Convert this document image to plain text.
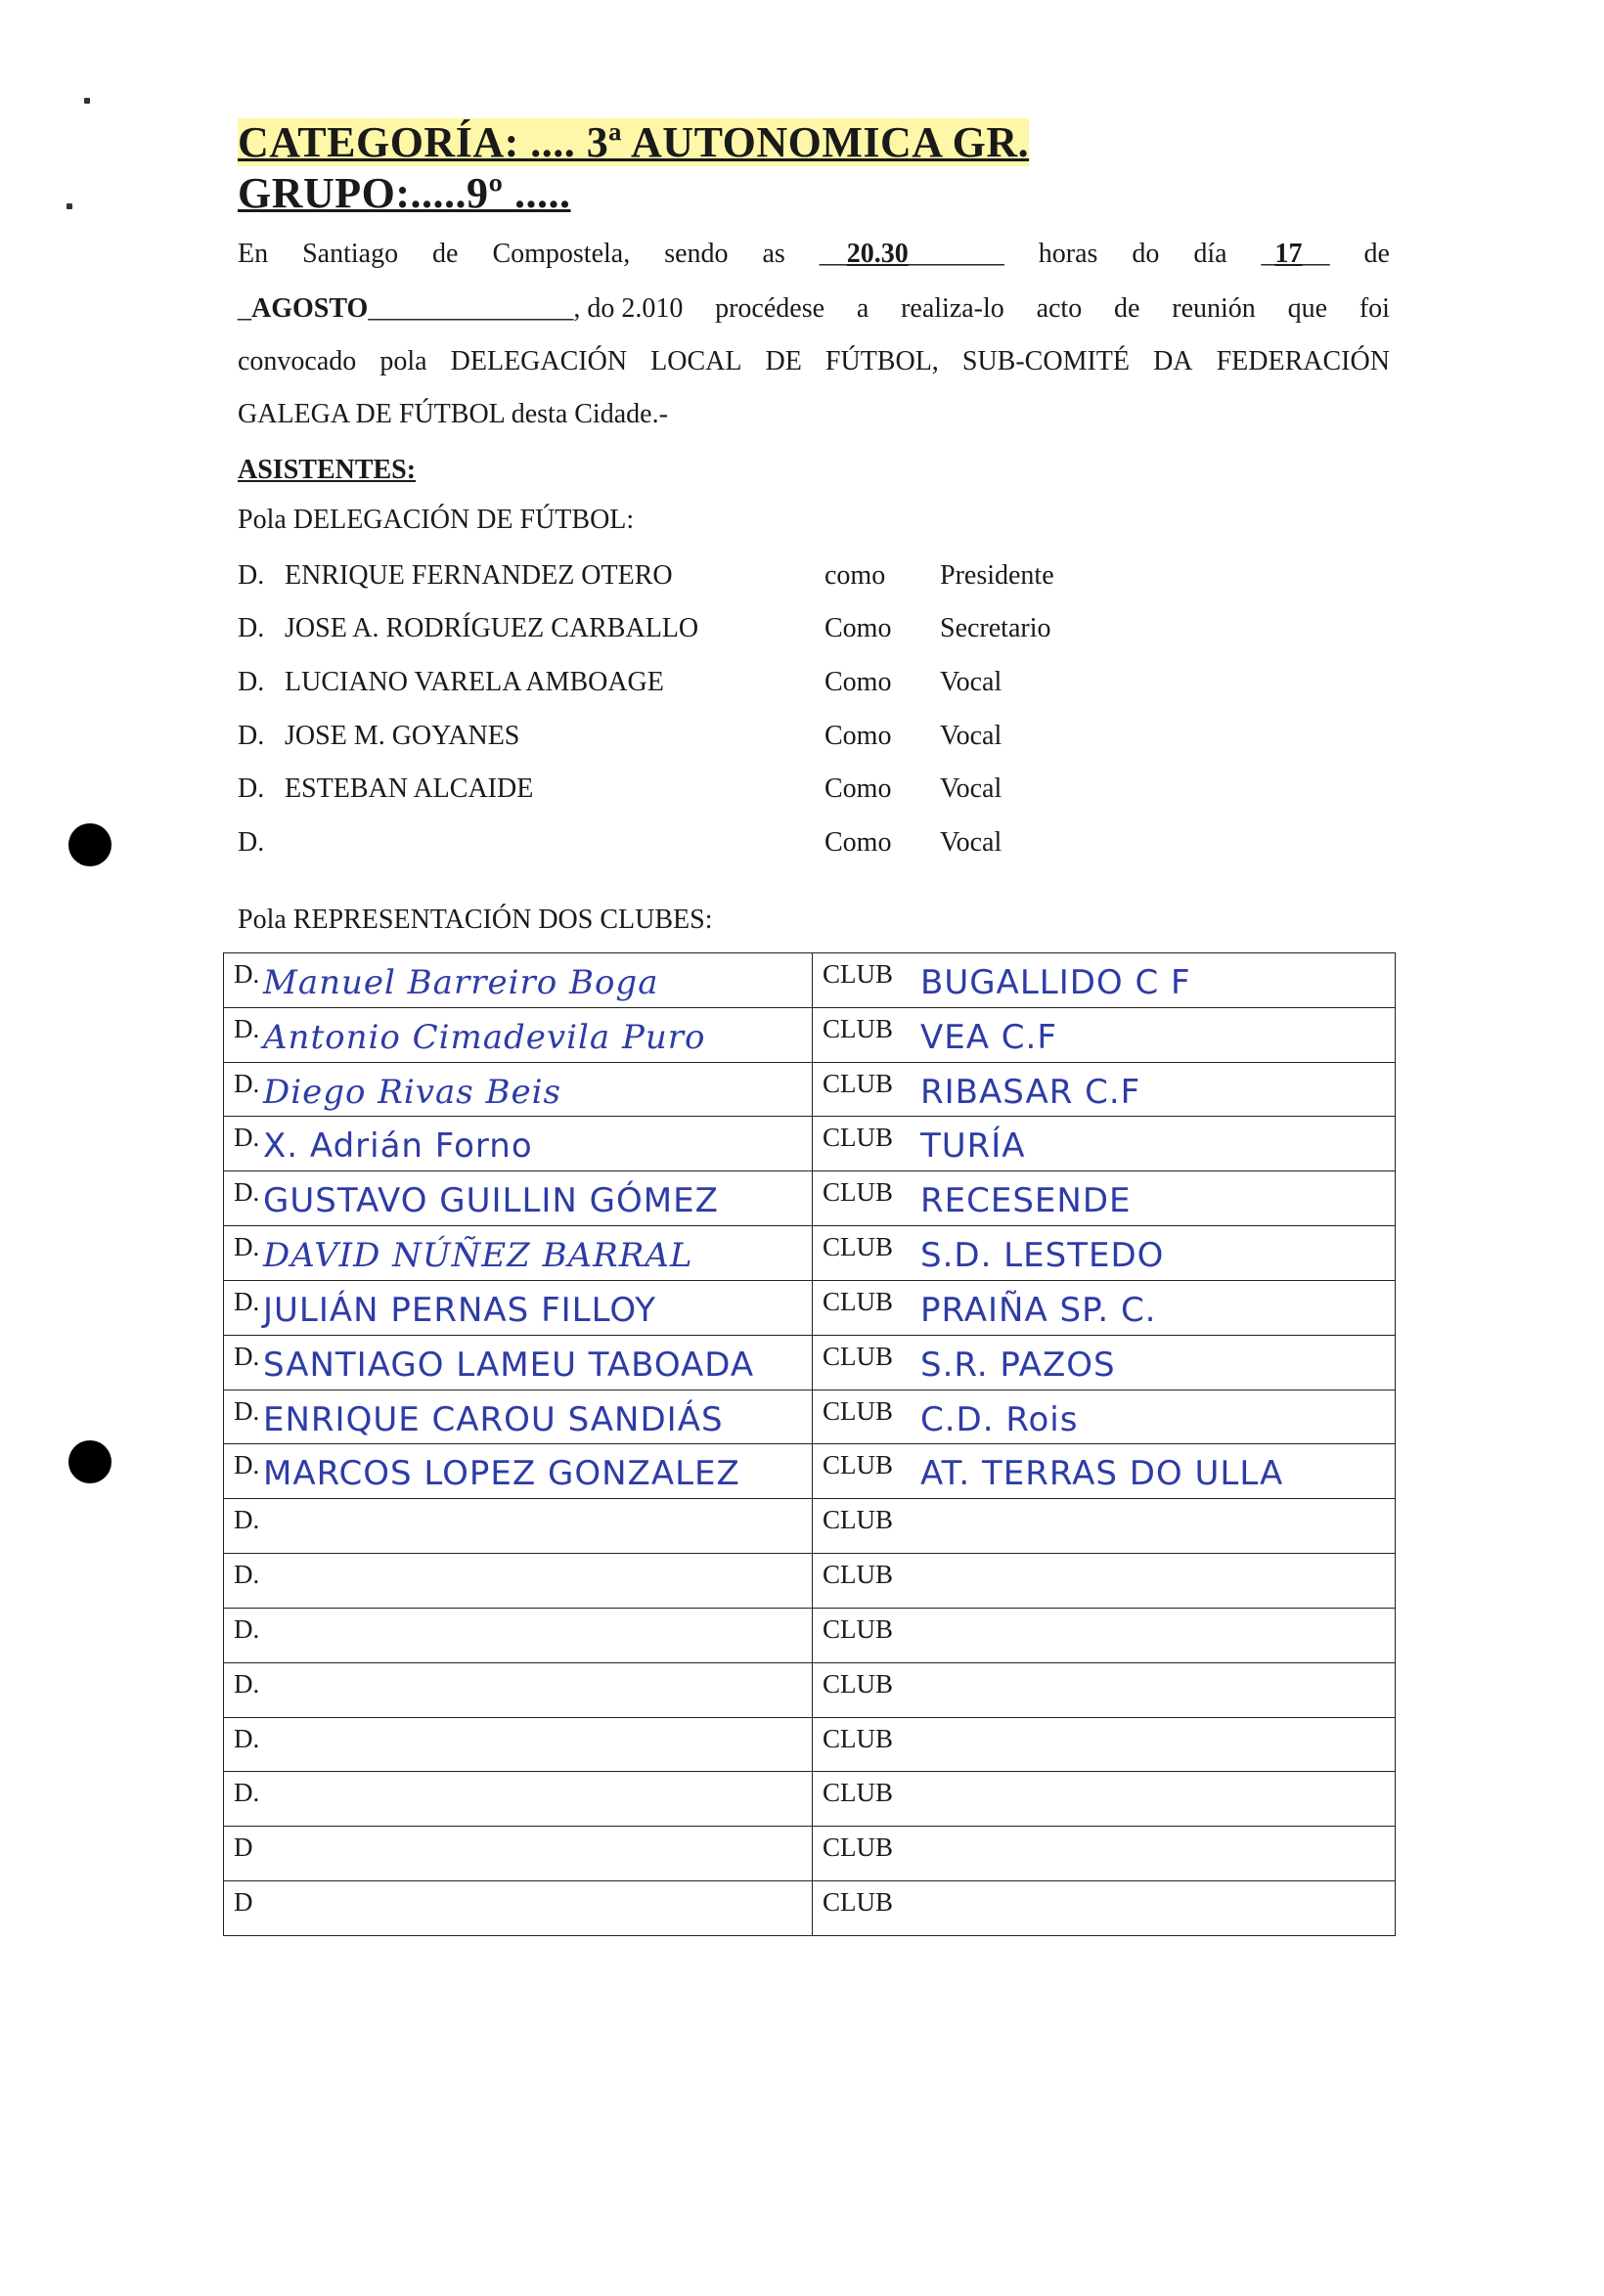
CATEGORÍA: .... 3ª AUTONOMICA GR.
GRUPO:.....9º .....
En Santiago de Compostela, sendo as __20.30_______ horas do día _17__ de
_AGOSTO_______________, do 2.010 procédese a realiza-lo acto de reunión que foi
convocado pola DELEGACIÓN LOCAL DE FÚTBOL, SUB-COMITÉ DA FEDERACIÓN
GALEGA DE FÚTBOL desta Cidade.-
ASISTENTES:
Pola DELEGACIÓN DE FÚTBOL:
D. ENRIQUE FERNANDEZ OTERO	como Presidente
D. JOSE A. RODRÍGUEZ CARBALLO	Como Secretario
D. LUCIANO VARELA AMBOAGE	Como Vocal
D. JOSE M. GOYANES	Como Vocal
D. ESTEBAN ALCAIDE	Como Vocal
D.	Como Vocal
Pola REPRESENTACIÓN DOS CLUBES:
D. Manuel Barreiro Boga	CLUB BUGALLIDO C F

D. Antonio Cimadevila Puro	CLUB VEA C.F

D. Diego Rivas Beis	CLUB RIBASAR C.F

D. X. Adrián Forno	CLUB TURÍA

D. GUSTAVO GUILLIN GÓMEZ	CLUB RECESENDE

D. DAVID NÚÑEZ BARRAL	CLUB S.D. LESTEDO

D. JULIÁN PERNAS FILLOY	CLUB PRAIÑA SP. C.

D. SANTIAGO LAMEU TABOADA	CLUB S.R. PAZOS

D. ENRIQUE CAROU SANDIÁS	CLUB C.D. Rois

D. MARCOS LOPEZ GONZALEZ	CLUB AT. TERRAS DO ULLA

D.	CLUB

D.	CLUB

D.	CLUB

D.	CLUB

D.	CLUB

D.	CLUB

D	CLUB

D	CLUB
